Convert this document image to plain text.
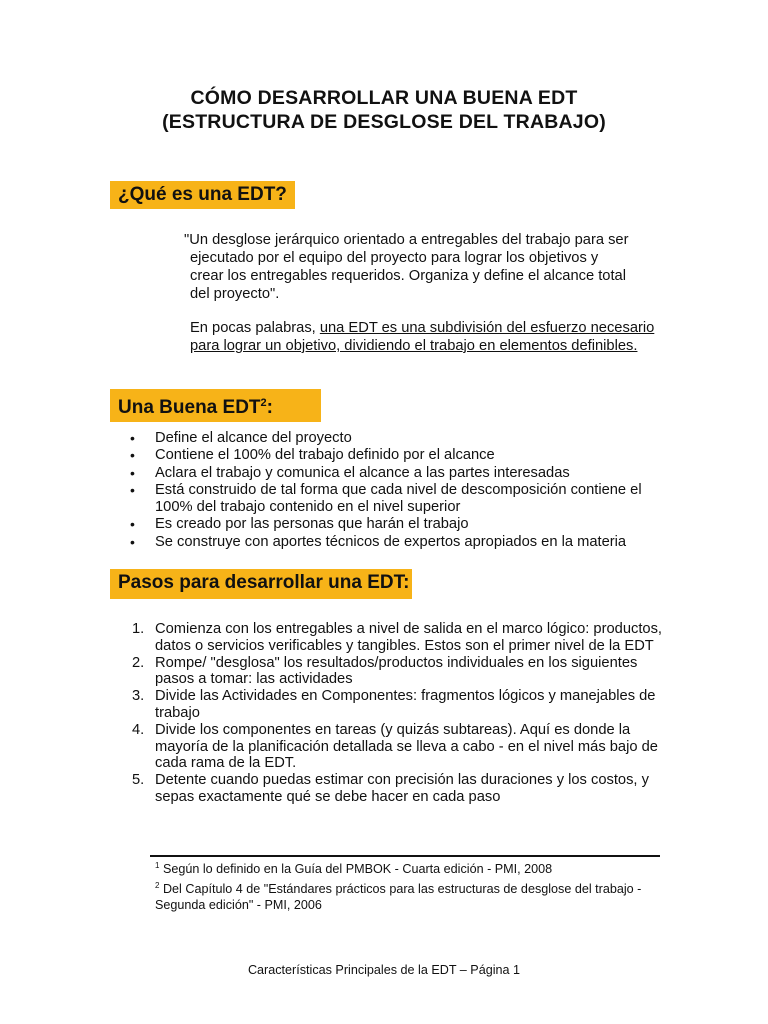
CÓMO DESARROLLAR UNA BUENA EDT
(ESTRUCTURA DE DESGLOSE DEL TRABAJO)
¿Qué es una EDT?
"Un desglose jerárquico orientado a entregables del trabajo para ser
ejecutado por el equipo del proyecto para lograr los objetivos y
crear los entregables requeridos. Organiza y define el alcance total
del proyecto".
En pocas palabras, una EDT es una subdivisión del esfuerzo necesario para lograr un objetivo, dividiendo el trabajo en elementos definibles.
Una Buena EDT$^2$:
• Define el alcance del proyecto
• Contiene el 100% del trabajo definido por el alcance
• Aclara el trabajo y comunica el alcance a las partes interesadas
• Está construido de tal forma que cada nivel de descomposición contiene el 100% del trabajo contenido en el nivel superior
• Es creado por las personas que harán el trabajo
• Se construye con aportes técnicos de expertos apropiados en la materia
Pasos para desarrollar una EDT:
1. Comienza con los entregables a nivel de salida en el marco lógico: productos, datos o servicios verificables y tangibles. Estos son el primer nivel de la EDT
2. Rompe/ "desglosa" los resultados/productos individuales en los siguientes pasos a tomar: las actividades
3. Divide las Actividades en Componentes: fragmentos lógicos y manejables de trabajo
4. Divide los componentes en tareas (y quizás subtareas). Aquí es donde la mayoría de la planificación detallada se lleva a cabo - en el nivel más bajo de cada rama de la EDT.
5. Detente cuando puedas estimar con precisión las duraciones y los costos, y sepas exactamente qué se debe hacer en cada paso
$^1$ Según lo definido en la Guía del PMBOK - Cuarta edición - PMI, 2008
$^2$ Del Capítulo 4 de "Estándares prácticos para las estructuras de desglose del trabajo - Segunda edición" - PMI, 2006
Características Principales de la EDT – Página 1
